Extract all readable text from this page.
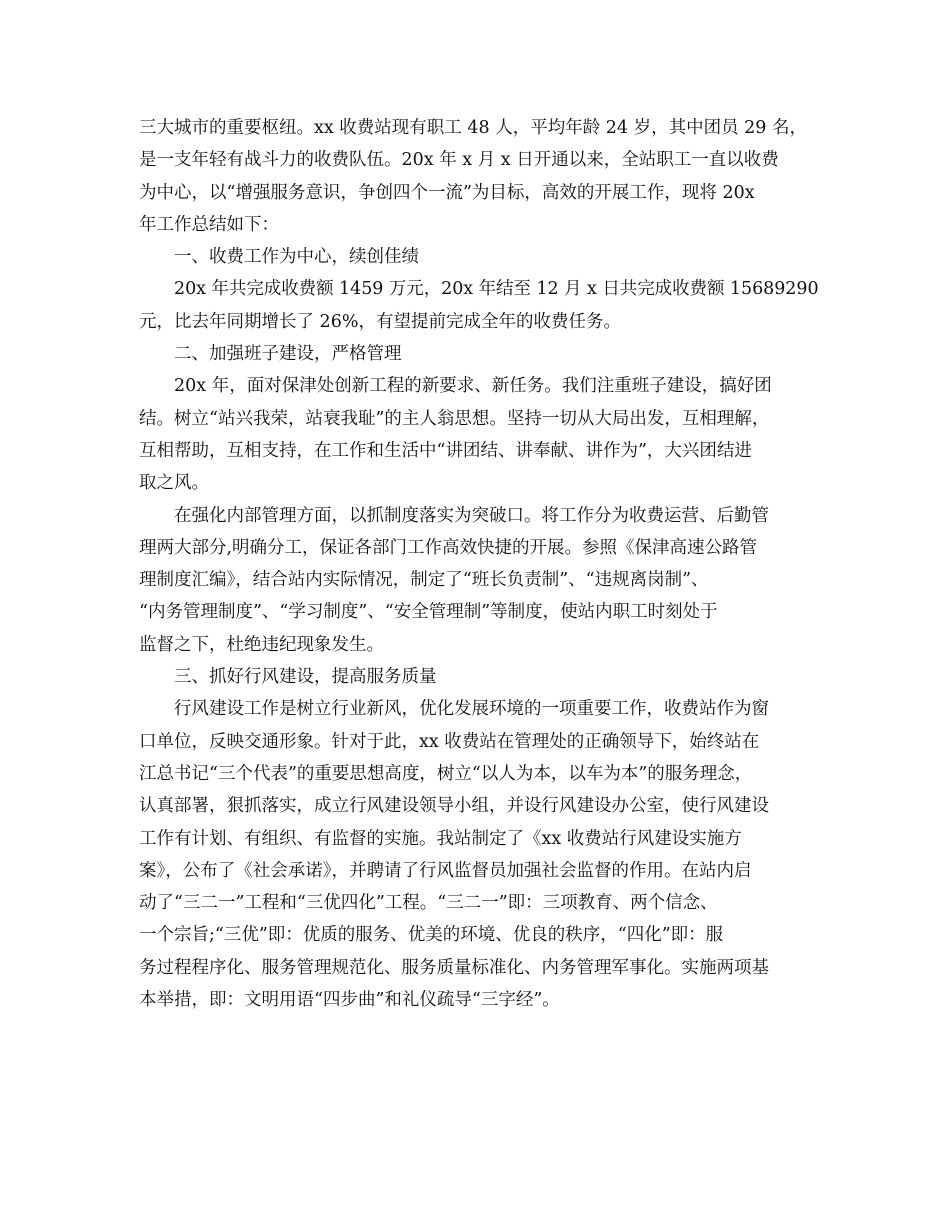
三大城市的重要枢纽。xx 收费站现有职工 48 人，平均年龄 24 岁，其中团员 29 名，
是一支年轻有战斗力的收费队伍。20x 年 x 月 x 日开通以来，全站职工一直以收费
为中心，以“增强服务意识，争创四个一流”为目标，高效的开展工作，现将 20x
年工作总结如下：
一、收费工作为中心，续创佳绩
20x 年共完成收费额 1459 万元，20x 年结至 12 月 x 日共完成收费额 15689290
元，比去年同期增长了 26%，有望提前完成全年的收费任务。
二、加强班子建设，严格管理
20x 年，面对保津处创新工程的新要求、新任务。我们注重班子建设，搞好团
结。树立“站兴我荣，站衰我耻”的主人翁思想。坚持一切从大局出发，互相理解，
互相帮助，互相支持，在工作和生活中“讲团结、讲奉献、讲作为”，大兴团结进
取之风。
在强化内部管理方面，以抓制度落实为突破口。将工作分为收费运营、后勤管
理两大部分,明确分工，保证各部门工作高效快捷的开展。参照《保津高速公路管
理制度汇编》，结合站内实际情况，制定了“班长负责制”、“违规离岗制”、
“内务管理制度”、“学习制度”、“安全管理制”等制度，使站内职工时刻处于
监督之下，杜绝违纪现象发生。
三、抓好行风建设，提高服务质量
行风建设工作是树立行业新风，优化发展环境的一项重要工作，收费站作为窗
口单位，反映交通形象。针对于此，xx 收费站在管理处的正确领导下，始终站在
江总书记“三个代表”的重要思想高度，树立“以人为本，以车为本”的服务理念，
认真部署，狠抓落实，成立行风建设领导小组，并设行风建设办公室，使行风建设
工作有计划、有组织、有监督的实施。我站制定了《xx 收费站行风建设实施方
案》，公布了《社会承诺》，并聘请了行风监督员加强社会监督的作用。在站内启
动了“三二一”工程和“三优四化”工程。“三二一”即：三项教育、两个信念、
一个宗旨;“三优”即：优质的服务、优美的环境、优良的秩序，“四化”即：服
务过程程序化、服务管理规范化、服务质量标准化、内务管理军事化。实施两项基
本举措，即：文明用语“四步曲”和礼仪疏导“三字经”。
